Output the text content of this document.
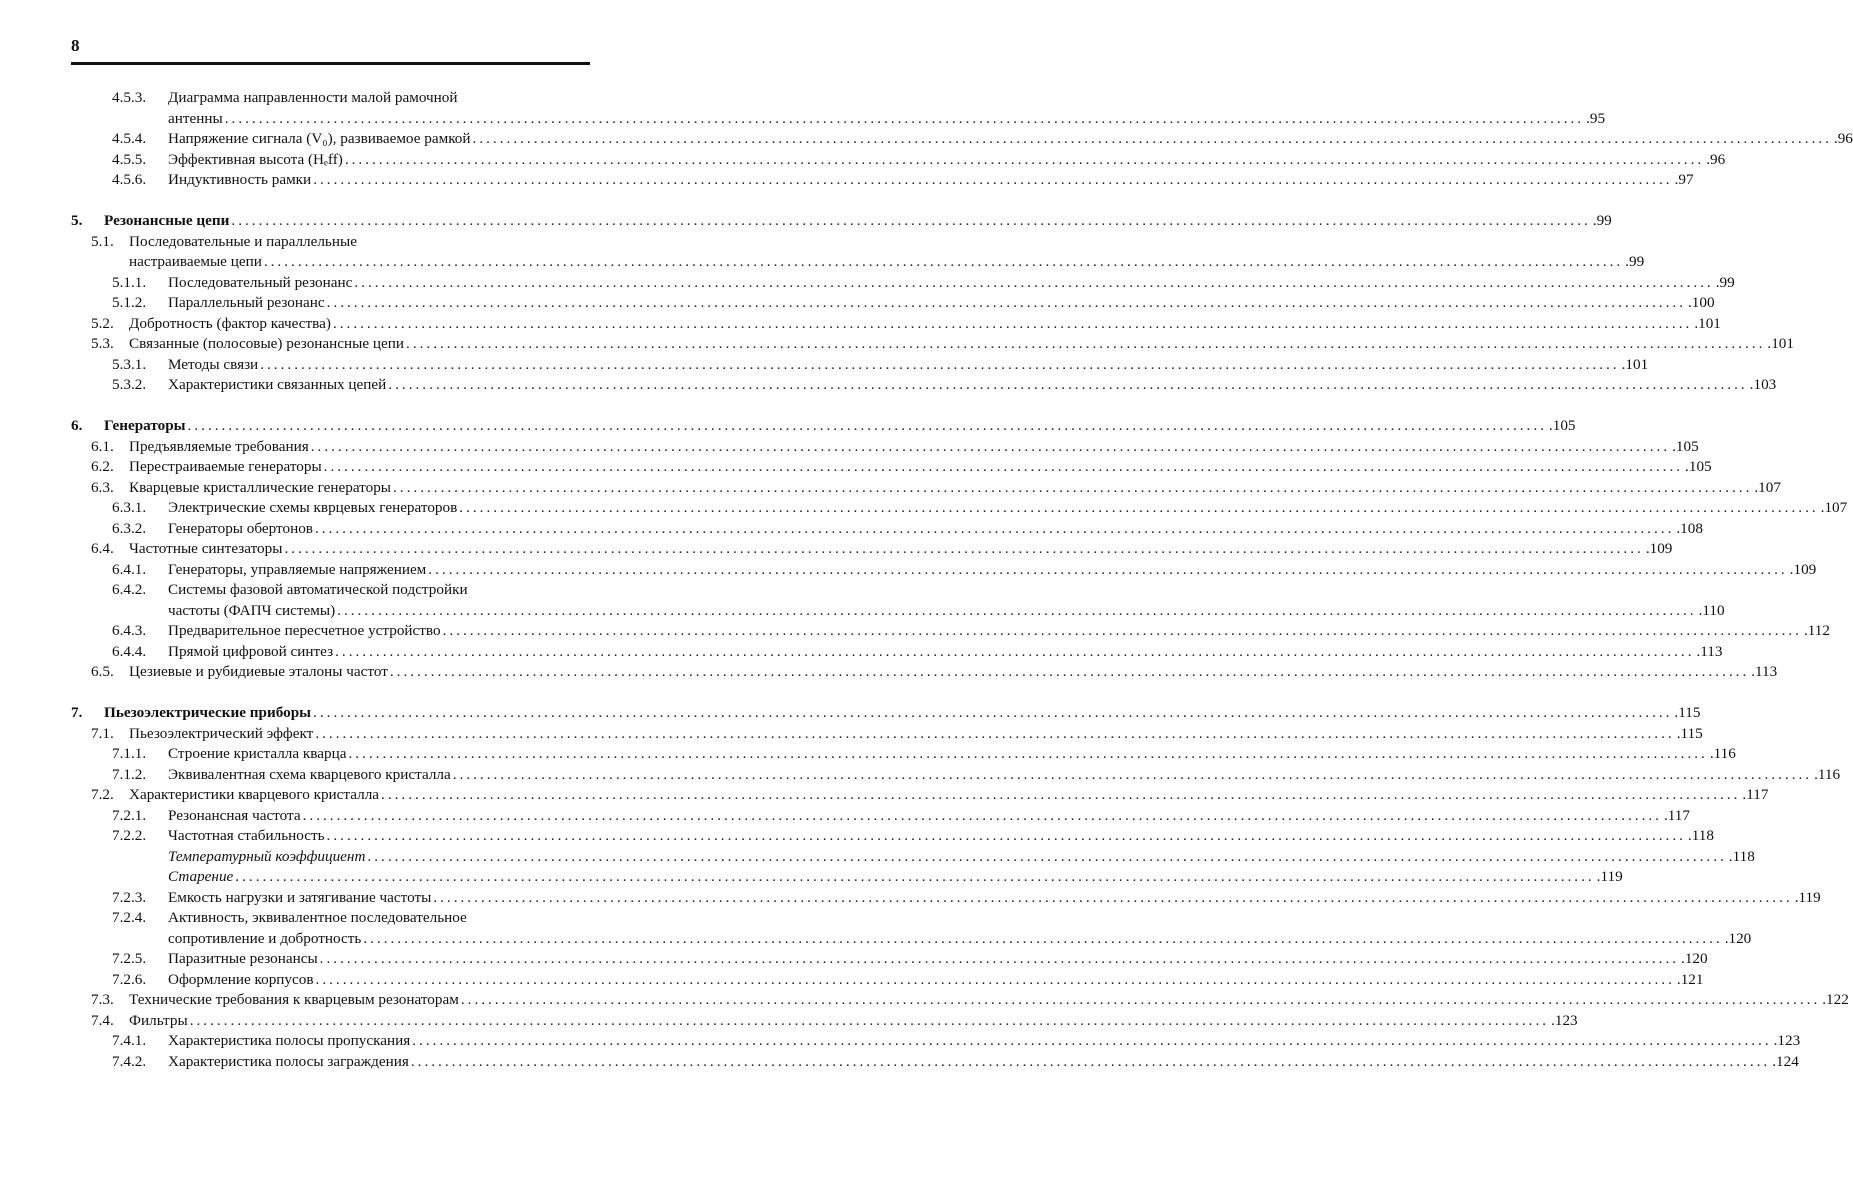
8
4.5.3.	Диаграмма направленности малой рамочной
антенны ........................................................................................................................................................................................................ .95
4.5.4.	Напряжение сигнала (V₀), развиваемое рамкой ........................................................................................................................................................................................................ .96
4.5.5.	Эффективная высота (Hₑff) ........................................................................................................................................................................................................ .96
4.5.6.	Индуктивность рамки ........................................................................................................................................................................................................ .97
5.	Резонансные цепи ........................................................................................................................................................................................................ .99
5.1.	Последовательные и параллельные
настраиваемые цепи ........................................................................................................................................................................................................ .99
5.1.1.	Последовательный резонанс ........................................................................................................................................................................................................ .99
5.1.2.	Параллельный резонанс ........................................................................................................................................................................................................ .100
5.2.	Добротность (фактор качества) ........................................................................................................................................................................................................ .101
5.3.	Связанные (полосовые) резонансные цепи ........................................................................................................................................................................................................ .101
5.3.1.	Методы связи ........................................................................................................................................................................................................ .101
5.3.2.	Характеристики связанных цепей ........................................................................................................................................................................................................ .103
6.	Генераторы ........................................................................................................................................................................................................ .105
6.1.	Предъявляемые требования ........................................................................................................................................................................................................ .105
6.2.	Перестраиваемые генераторы ........................................................................................................................................................................................................ .105
6.3.	Кварцевые кристаллические генераторы ........................................................................................................................................................................................................ .107
6.3.1.	Электрические схемы кврцевых генераторов ........................................................................................................................................................................................................ .107
6.3.2.	Генераторы обертонов ........................................................................................................................................................................................................ .108
6.4.	Частотные синтезаторы ........................................................................................................................................................................................................ .109
6.4.1.	Генераторы, управляемые напряжением ........................................................................................................................................................................................................ .109
6.4.2.	Системы фазовой автоматической подстройки
частоты (ФАПЧ системы) ........................................................................................................................................................................................................ .110
6.4.3.	Предварительное пересчетное устройство ........................................................................................................................................................................................................ .112
6.4.4.	Прямой цифровой синтез ........................................................................................................................................................................................................ .113
6.5.	Цезиевые и рубидиевые эталоны частот ........................................................................................................................................................................................................ .113
7.	Пьезоэлектрические приборы ........................................................................................................................................................................................................ .115
7.1.	Пьезоэлектрический эффект ........................................................................................................................................................................................................ .115
7.1.1.	Строение кристалла кварца ........................................................................................................................................................................................................ .116
7.1.2.	Эквивалентная схема кварцевого кристалла ........................................................................................................................................................................................................ .116
7.2.	Характеристики кварцевого кристалла ........................................................................................................................................................................................................ .117
7.2.1.	Резонансная частота ........................................................................................................................................................................................................ .117
7.2.2.	Частотная стабильность ........................................................................................................................................................................................................ .118
Температурный коэффициент ........................................................................................................................................................................................................ .118
Старение ........................................................................................................................................................................................................ .119
7.2.3.	Емкость нагрузки и затягивание частоты ........................................................................................................................................................................................................ .119
7.2.4.	Активность, эквивалентное последовательное
сопротивление и добротность ........................................................................................................................................................................................................ .120
7.2.5.	Паразитные резонансы ........................................................................................................................................................................................................ .120
7.2.6.	Оформление корпусов ........................................................................................................................................................................................................ .121
7.3.	Технические требования к кварцевым резонаторам ........................................................................................................................................................................................................ .122
7.4.	Фильтры ........................................................................................................................................................................................................ .123
7.4.1.	Характеристика полосы пропускания ........................................................................................................................................................................................................ .123
7.4.2.	Характеристика полосы заграждения ........................................................................................................................................................................................................ .124
